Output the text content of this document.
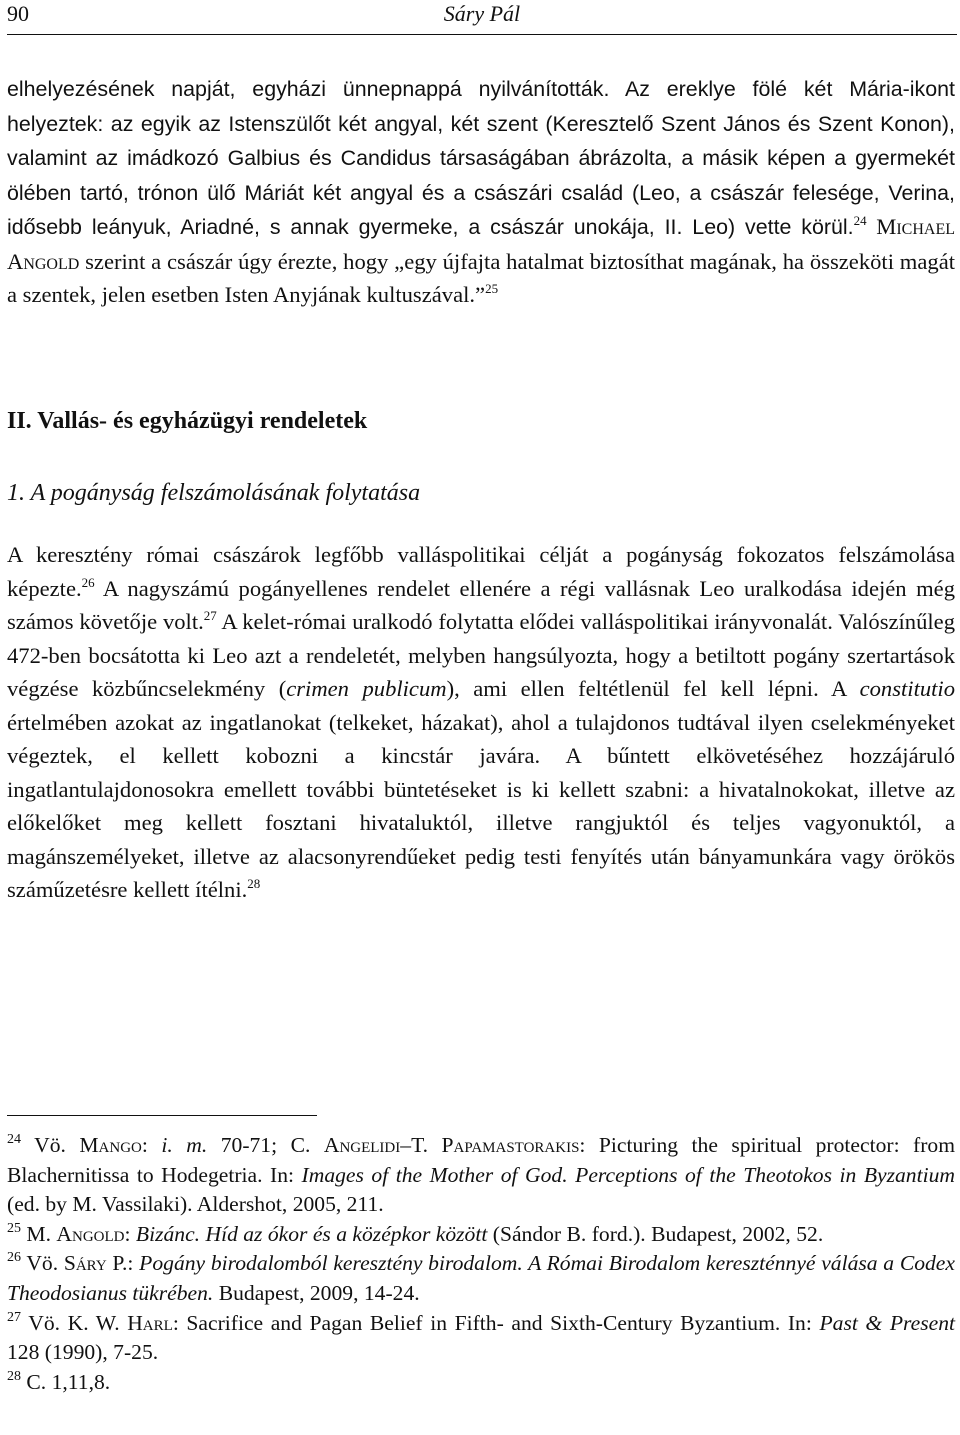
90	Sáry Pál

elhelyezésének napját, egyházi ünnepnappá nyilvánították. Az ereklye fölé két Mária-ikont helyeztek: az egyik az Istenszülőt két angyal, két szent (Keresztelő Szent János és Szent Konon), valamint az imádkozó Galbius és Candidus társaságában ábrázolta, a másik képen a gyermekét ölében tartó, trónon ülő Máriát két angyal és a császári család (Leo, a császár felesége, Verina, idősebb leányuk, Ariadné, s annak gyermeke, a császár unokája, II. Leo) vette körül.$^{24}$ Michael Angold szerint a császár úgy érezte, hogy „egy újfajta hatalmat biztosíthat magának, ha összeköti magát a szentek, jelen esetben Isten Anyjának kultuszával.”$^{25}$

II. Vallás- és egyházügyi rendeletek
1. A pogányság felszámolásának folytatása

A keresztény római császárok legfőbb valláspolitikai célját a pogányság fokozatos felszámolása képezte.$^{26}$ A nagyszámú pogányellenes rendelet ellenére a régi vallásnak Leo uralkodása idején még számos követője volt.$^{27}$ A kelet-római uralkodó folytatta elődei valláspolitikai irányvonalát. Valószínűleg 472-ben bocsátotta ki Leo azt a rendeletét, melyben hangsúlyozta, hogy a betiltott pogány szertartások végzése közbűncselekmény (crimen publicum), ami ellen feltétlenül fel kell lépni. A constitutio értelmében azokat az ingatlanokat (telkeket, házakat), ahol a tulajdonos tudtával ilyen cselekményeket végeztek, el kellett kobozni a kincstár javára. A bűntett elkövetéséhez hozzájáruló ingatlantulajdonosokra emellett további büntetéseket is ki kellett szabni: a hivatalnokokat, illetve az előkelőket meg kellett fosztani hivataluktól, illetve rangjuktól és teljes vagyonuktól, a magánszemélyeket, illetve az alacsonyrendűeket pedig testi fenyítés után bányamunkára vagy örökös száműzetésre kellett ítélni.$^{28}$

$^{24}$ Vö. Mango: i. m. 70-71; C. Angelidi–T. Papamastorakis: Picturing the spiritual protector: from Blachernitissa to Hodegetria. In: Images of the Mother of God. Perceptions of the Theotokos in Byzantium (ed. by M. Vassilaki). Aldershot, 2005, 211.

$^{25}$ M. Angold: Bizánc. Híd az ókor és a középkor között (Sándor B. ford.). Budapest, 2002, 52.

$^{26}$ Vö. Sáry P.: Pogány birodalomból keresztény birodalom. A Római Birodalom kereszténnyé válása a Codex Theodosianus tükrében. Budapest, 2009, 14-24.

$^{27}$ Vö. K. W. Harl: Sacrifice and Pagan Belief in Fifth- and Sixth-Century Byzantium. In: Past & Present 128 (1990), 7-25.

$^{28}$ C. 1,11,8.
